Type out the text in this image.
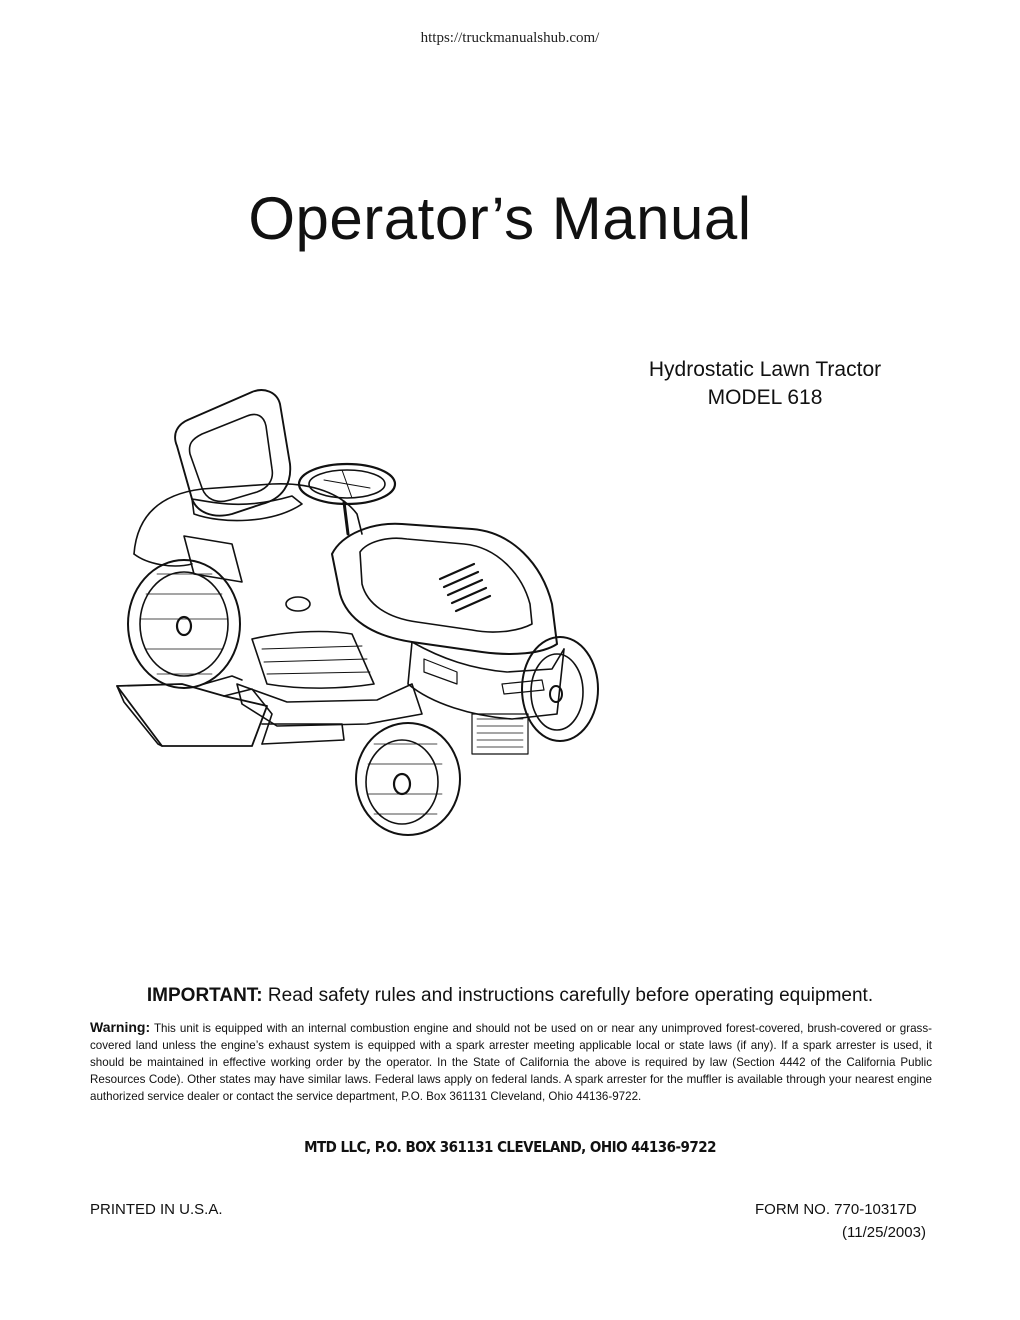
https://truckmanualshub.com/
Operator’s Manual
Hydrostatic Lawn Tractor
MODEL 618
IMPORTANT: Read safety rules and instructions carefully before operating equipment.
Warning: This unit is equipped with an internal combustion engine and should not be used on or near any unimproved forest-covered, brush-covered or grass-covered land unless the engine’s exhaust system is equipped with a spark arrester meeting applicable local or state laws (if any). If a spark arrester is used, it should be maintained in effective working order by the operator. In the State of California the above is required by law (Section 4442 of the California Public Resources Code). Other states may have similar laws. Federal laws apply on federal lands. A spark arrester for the muffler is available through your nearest engine authorized service dealer or contact the service department, P.O. Box 361131 Cleveland, Ohio 44136-9722.
MTD LLC, P.O. BOX 361131 CLEVELAND, OHIO 44136-9722
PRINTED IN U.S.A.	FORM NO. 770-10317D
(11/25/2003)
